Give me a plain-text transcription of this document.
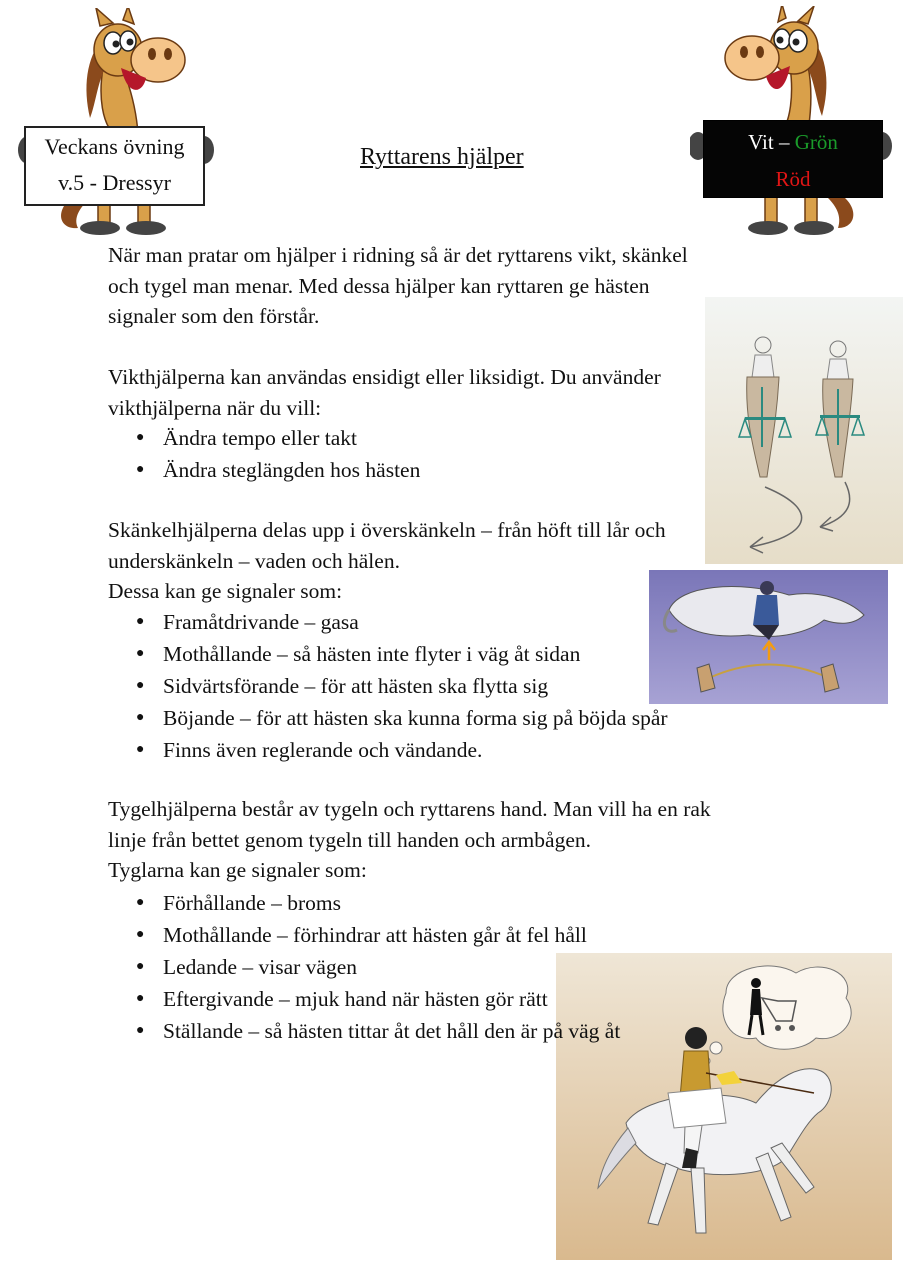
Veckans övning
v.5 - Dressyr
Vit – Grön
Röd
Ryttarens hjälper
När man pratar om hjälper i ridning så är det ryttarens vikt, skänkel
och tygel man menar. Med dessa hjälper kan ryttaren ge hästen
signaler som den förstår.
Vikthjälperna kan användas ensidigt eller liksidigt. Du använder
vikthjälperna när du vill:
● Ändra tempo eller takt
● Ändra steglängden hos hästen
Skänkelhjälperna delas upp i överskänkeln – från höft till lår och
underskänkeln – vaden och hälen.
Dessa kan ge signaler som:
● Framåtdrivande – gasa
● Mothållande – så hästen inte flyter i väg åt sidan
● Sidvärtsförande – för att hästen ska flytta sig
● Böjande – för att hästen ska kunna forma sig på böjda spår
● Finns även reglerande och vändande.
Tygelhjälperna består av tygeln och ryttarens hand. Man vill ha en rak
linje från bettet genom tygeln till handen och armbågen.
Tyglarna kan ge signaler som:
● Förhållande – broms
● Mothållande – förhindrar att hästen går åt fel håll
● Ledande – visar vägen
● Eftergivande – mjuk hand när hästen gör rätt
● Ställande – så hästen tittar åt det håll den är på väg åt
